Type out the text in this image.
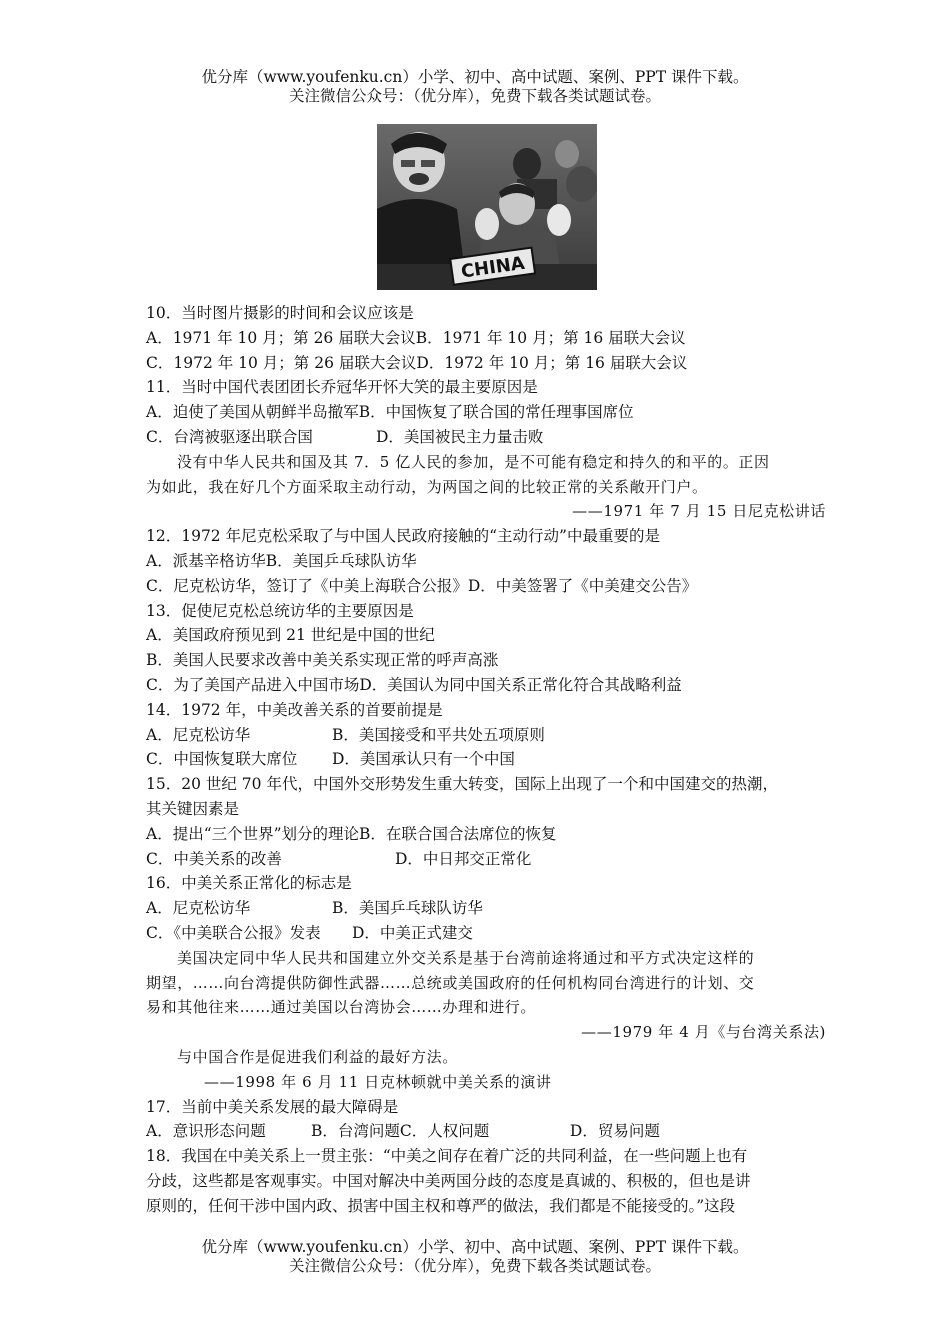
优分库（www.youfenku.cn）小学、初中、高中试题、案例、PPT 课件下载。
关注微信公众号：（优分库），免费下载各类试题试卷。
CHINA
10．当时图片摄影的时间和会议应该是
A．1971 年 10 月；第 26 届联大会议B．1971 年 10 月；第 16 届联大会议
C．1972 年 10 月；第 26 届联大会议D．1972 年 10 月；第 16 届联大会议
11．当时中国代表团团长乔冠华开怀大笑的最主要原因是
A．迫使了美国从朝鲜半岛撤军B．中国恢复了联合国的常任理事国席位
C．台湾被驱逐出联合国	D．美国被民主力量击败
没有中华人民共和国及其 7．5 亿人民的参加，是不可能有稳定和持久的和平的。正因
为如此，我在好几个方面采取主动行动，为两国之间的比较正常的关系敞开门户。
——1971 年 7 月 15 日尼克松讲话
12．1972 年尼克松采取了与中国人民政府接触的“主动行动”中最重要的是
A．派基辛格访华B．美国乒乓球队访华
C．尼克松访华，签订了《中美上海联合公报》D．中美签署了《中美建交公告》
13．促使尼克松总统访华的主要原因是
A．美国政府预见到 21 世纪是中国的世纪
B．美国人民要求改善中美关系实现正常的呼声高涨
C．为了美国产品进入中国市场D．美国认为同中国关系正常化符合其战略利益
14．1972 年，中美改善关系的首要前提是
A．尼克松访华	B．美国接受和平共处五项原则
C．中国恢复联大席位 D．美国承认只有一个中国
15．20 世纪 70 年代，中国外交形势发生重大转变，国际上出现了一个和中国建交的热潮，
其关键因素是
A．提出“三个世界”划分的理论B．在联合国合法席位的恢复
C．中美关系的改善	D．中日邦交正常化
16．中美关系正常化的标志是
A．尼克松访华	B．美国乒乓球队访华
C．《中美联合公报》发表 D．中美正式建交
美国决定同中华人民共和国建立外交关系是基于台湾前途将通过和平方式决定这样的
期望，……向台湾提供防御性武器……总统或美国政府的任何机构同台湾进行的计划、交
易和其他往来……通过美国以台湾协会……办理和进行。
——1979 年 4 月《与台湾关系法)
与中国合作是促进我们利益的最好方法。
——1998 年 6 月 11 日克林顿就中美关系的演讲
17．当前中美关系发展的最大障碍是
A．意识形态问题	B．台湾问题C．人权问题	D．贸易问题
18．我国在中美关系上一贯主张：“中美之间存在着广泛的共同利益，在一些问题上也有
分歧，这些都是客观事实。中国对解决中美两国分歧的态度是真诚的、积极的，但也是讲
原则的，任何干涉中国内政、损害中国主权和尊严的做法，我们都是不能接受的。”这段
优分库（www.youfenku.cn）小学、初中、高中试题、案例、PPT 课件下载。
关注微信公众号：（优分库），免费下载各类试题试卷。
